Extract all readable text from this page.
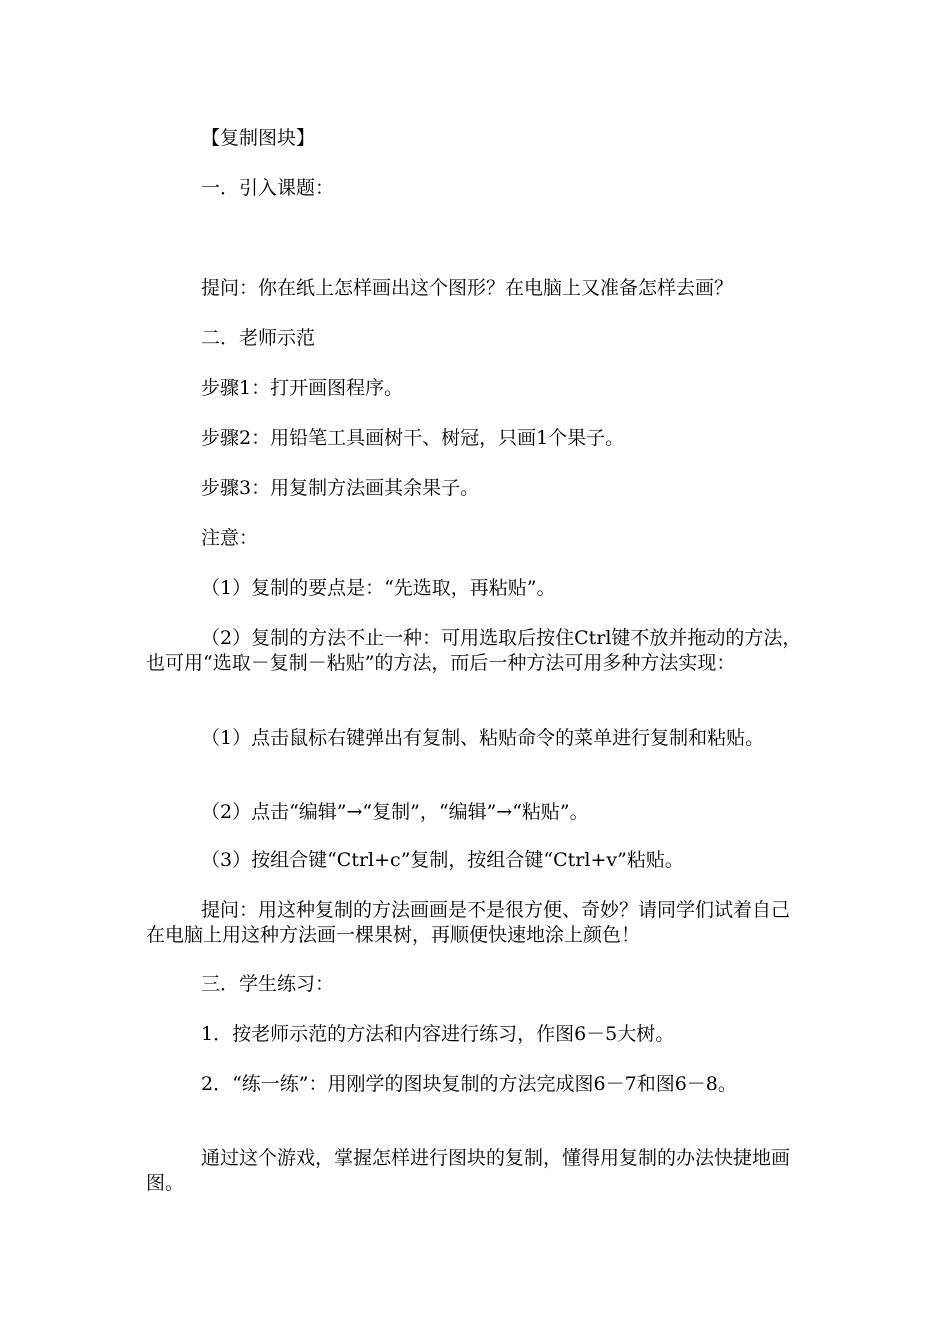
【复制图块】

一．引入课题：

提问：你在纸上怎样画出这个图形？在电脑上又准备怎样去画？

二．老师示范

步骤1：打开画图程序。

步骤2：用铅笔工具画树干、树冠，只画1个果子。

步骤3：用复制方法画其余果子。

注意：

（1）复制的要点是：“先选取，再粘贴”。

（2）复制的方法不止一种：可用选取后按住Ctrl键不放并拖动的方法，也可用“选取－复制－粘贴”的方法，而后一种方法可用多种方法实现：

（1）点击鼠标右键弹出有复制、粘贴命令的菜单进行复制和粘贴。

（2）点击“编辑”→“复制”，“编辑”→“粘贴”。

（3）按组合键“Ctrl+c”复制，按组合键“Ctrl+v”粘贴。

提问：用这种复制的方法画画是不是很方便、奇妙？请同学们试着自己在电脑上用这种方法画一棵果树，再顺便快速地涂上颜色！

三．学生练习：

1．按老师示范的方法和内容进行练习，作图6－5大树。

2．“练一练”：用刚学的图块复制的方法完成图6－7和图6－8。

通过这个游戏，掌握怎样进行图块的复制，懂得用复制的办法快捷地画图。
